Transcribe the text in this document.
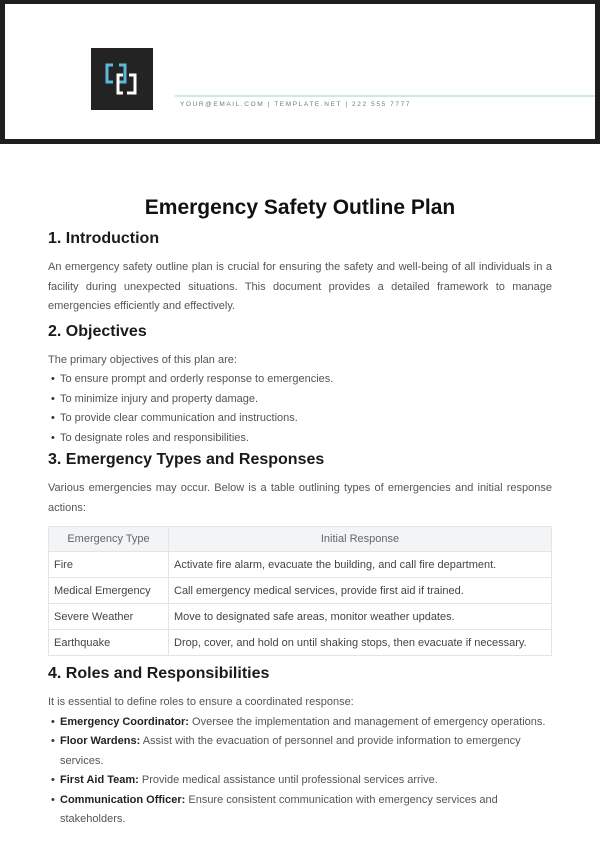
YOUR@EMAIL.COM | TEMPLATE.NET | 222 555 7777
Emergency Safety Outline Plan
1. Introduction

An emergency safety outline plan is crucial for ensuring the safety and well-being of all individuals in a facility during unexpected situations. This document provides a detailed framework to manage emergencies efficiently and effectively.

2. Objectives

The primary objectives of this plan are:

• To ensure prompt and orderly response to emergencies.
• To minimize injury and property damage.
• To provide clear communication and instructions.
• To designate roles and responsibilities.
3. Emergency Types and Responses

Various emergencies may occur. Below is a table outlining types of emergencies and initial response actions:

Emergency Type	Initial Response
Fire	Activate fire alarm, evacuate the building, and call fire department.
Medical Emergency	Call emergency medical services, provide first aid if trained.
Severe Weather	Move to designated safe areas, monitor weather updates.
Earthquake	Drop, cover, and hold on until shaking stops, then evacuate if necessary.
4. Roles and Responsibilities

It is essential to define roles to ensure a coordinated response:

• Emergency Coordinator: Oversee the implementation and management of emergency operations.
• Floor Wardens: Assist with the evacuation of personnel and provide information to emergency services.
• First Aid Team: Provide medical assistance until professional services arrive.
• Communication Officer: Ensure consistent communication with emergency services and stakeholders.
